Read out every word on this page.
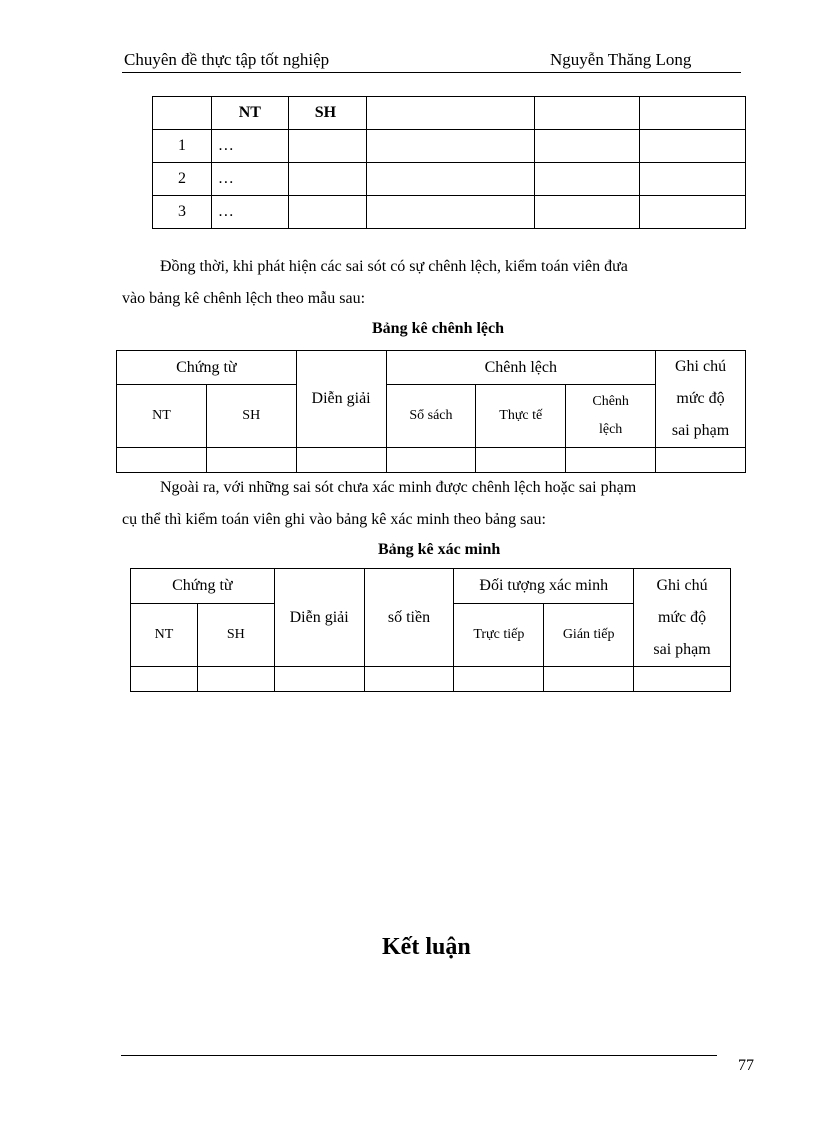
Chuyên đề thực tập tốt nghiệp	Nguyễn Thăng Long
	NT	SH			
1	…				
2	…				
3	…				
Đồng thời, khi phát hiện các sai sót có sự chênh lệch, kiểm toán viên đưa
vào bảng kê chênh lệch theo mẫu sau:
Bảng kê chênh lệch
Chứng từ		Diễn giải	Chênh lệch			Ghi chú
mức độ
sai phạm

NT	SH		Sổ sách	Thực tế	Chênh
lệch	

Ngoài ra, với những sai sót chưa xác minh được chênh lệch hoặc sai phạm
cụ thể thì kiểm toán viên ghi vào bảng kê xác minh theo bảng sau:
Bảng kê xác minh
Chứng từ		Diễn giải	số tiền	Đối tượng xác minh		Ghi chú
mức độ
sai phạm

NT	SH			Trực tiếp	Gián tiếp	

Kết luận
77
